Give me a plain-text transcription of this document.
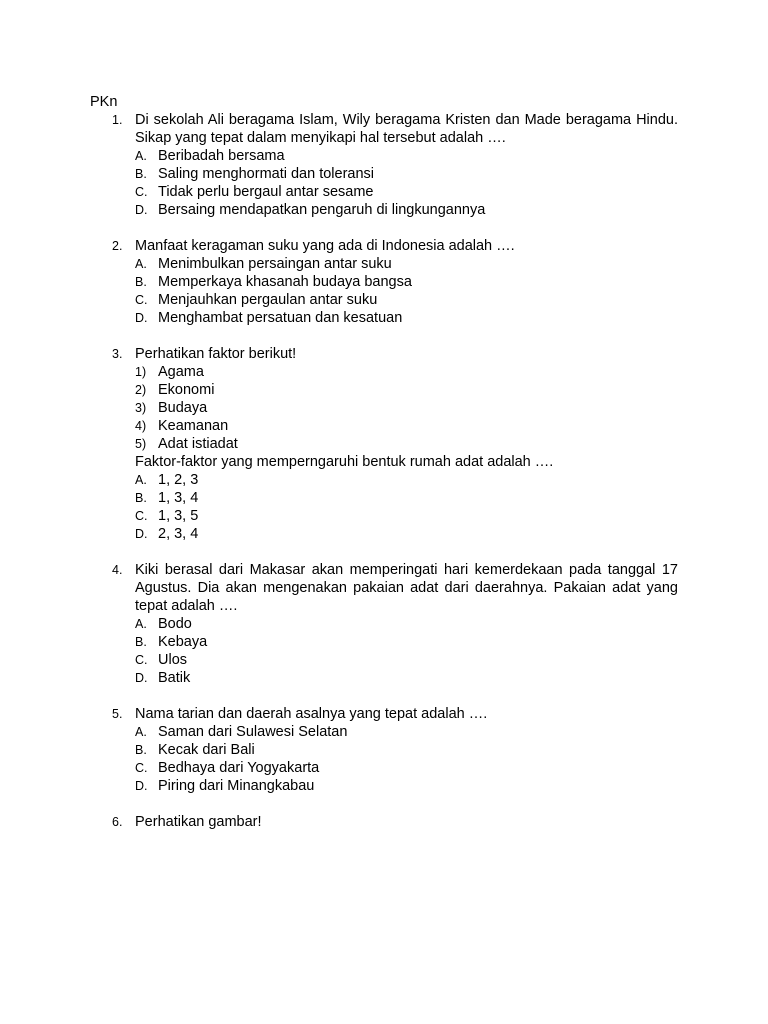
PKn
1. Di sekolah Ali beragama Islam, Wily beragama Kristen dan Made beragama Hindu. Sikap yang tepat dalam menyikapi hal tersebut adalah ….
A. Beribadah bersama
B. Saling menghormati dan toleransi
C. Tidak perlu bergaul antar sesame
D. Bersaing mendapatkan pengaruh di lingkungannya
2. Manfaat keragaman suku yang ada di Indonesia adalah ….
A. Menimbulkan persaingan antar suku
B. Memperkaya khasanah budaya bangsa
C. Menjauhkan pergaulan antar suku
D. Menghambat persatuan dan kesatuan
3. Perhatikan faktor berikut!
1) Agama
2) Ekonomi
3) Budaya
4) Keamanan
5) Adat istiadat
Faktor-faktor yang memperngaruhi bentuk rumah adat adalah ….
A. 1, 2, 3
B. 1, 3, 4
C. 1, 3, 5
D. 2, 3, 4
4. Kiki berasal dari Makasar akan memperingati hari kemerdekaan pada tanggal 17 Agustus. Dia akan mengenakan pakaian adat dari daerahnya. Pakaian adat yang tepat adalah ….
A. Bodo
B. Kebaya
C. Ulos
D. Batik
5. Nama tarian dan daerah asalnya yang tepat adalah ….
A. Saman dari Sulawesi Selatan
B. Kecak dari Bali
C. Bedhaya dari Yogyakarta
D. Piring dari Minangkabau
6. Perhatikan gambar!
